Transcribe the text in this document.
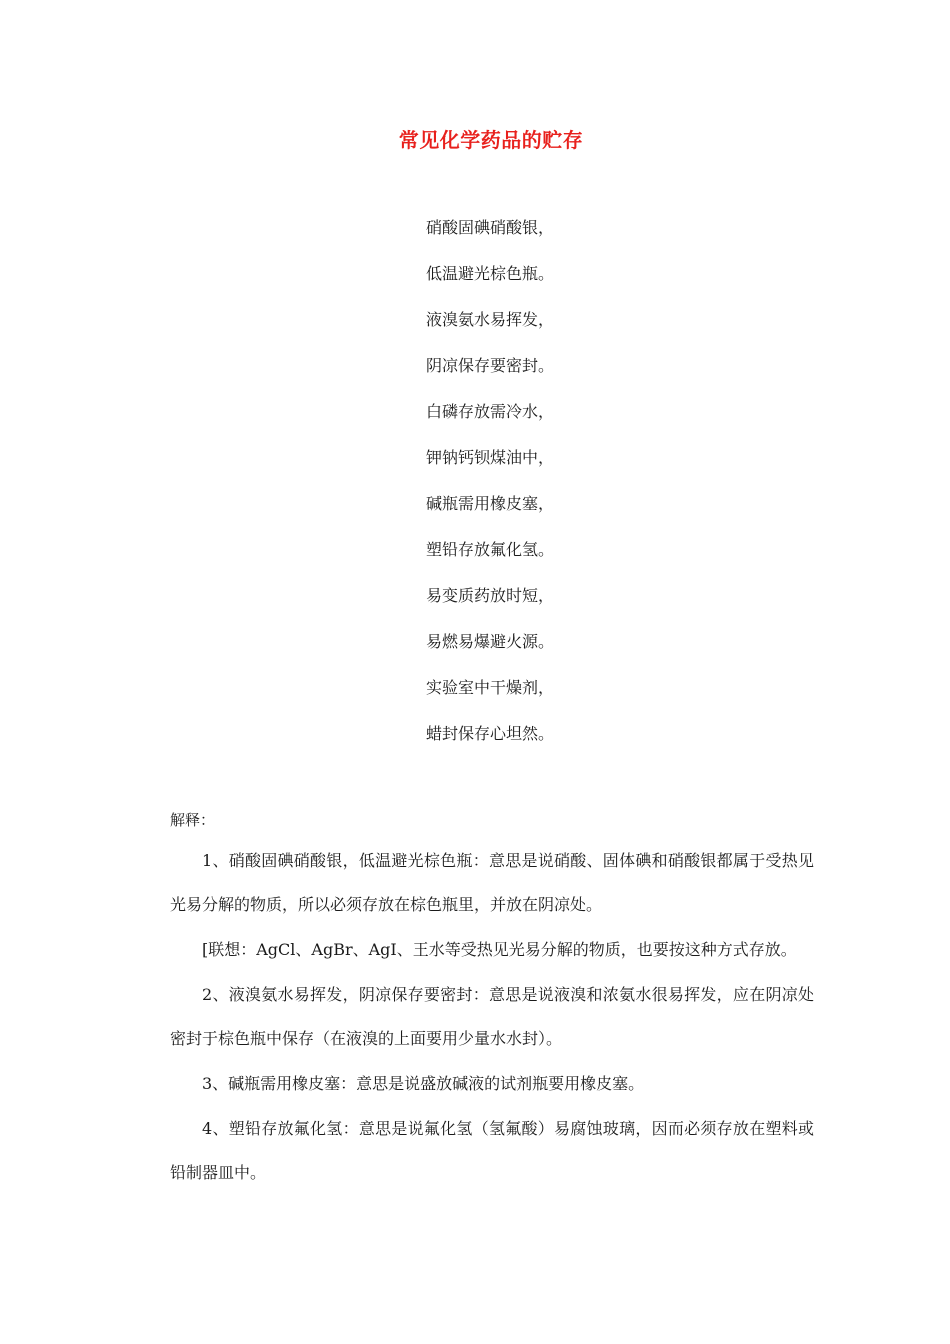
常见化学药品的贮存
硝酸固碘硝酸银，
低温避光棕色瓶。
液溴氨水易挥发，
阴凉保存要密封。
白磷存放需冷水，
钾钠钙钡煤油中，
碱瓶需用橡皮塞，
塑铅存放氟化氢。
易变质药放时短，
易燃易爆避火源。
实验室中干燥剂，
蜡封保存心坦然。
解释：

1、硝酸固碘硝酸银，低温避光棕色瓶：意思是说硝酸、固体碘和硝酸银都属于受热见光易分解的物质，所以必须存放在棕色瓶里，并放在阴凉处。

[联想：AgCl、AgBr、AgI、王水等受热见光易分解的物质，也要按这种方式存放。

2、液溴氨水易挥发，阴凉保存要密封：意思是说液溴和浓氨水很易挥发，应在阴凉处密封于棕色瓶中保存（在液溴的上面要用少量水水封）。

3、碱瓶需用橡皮塞：意思是说盛放碱液的试剂瓶要用橡皮塞。

4、塑铅存放氟化氢：意思是说氟化氢（氢氟酸）易腐蚀玻璃，因而必须存放在塑料或铅制器皿中。
